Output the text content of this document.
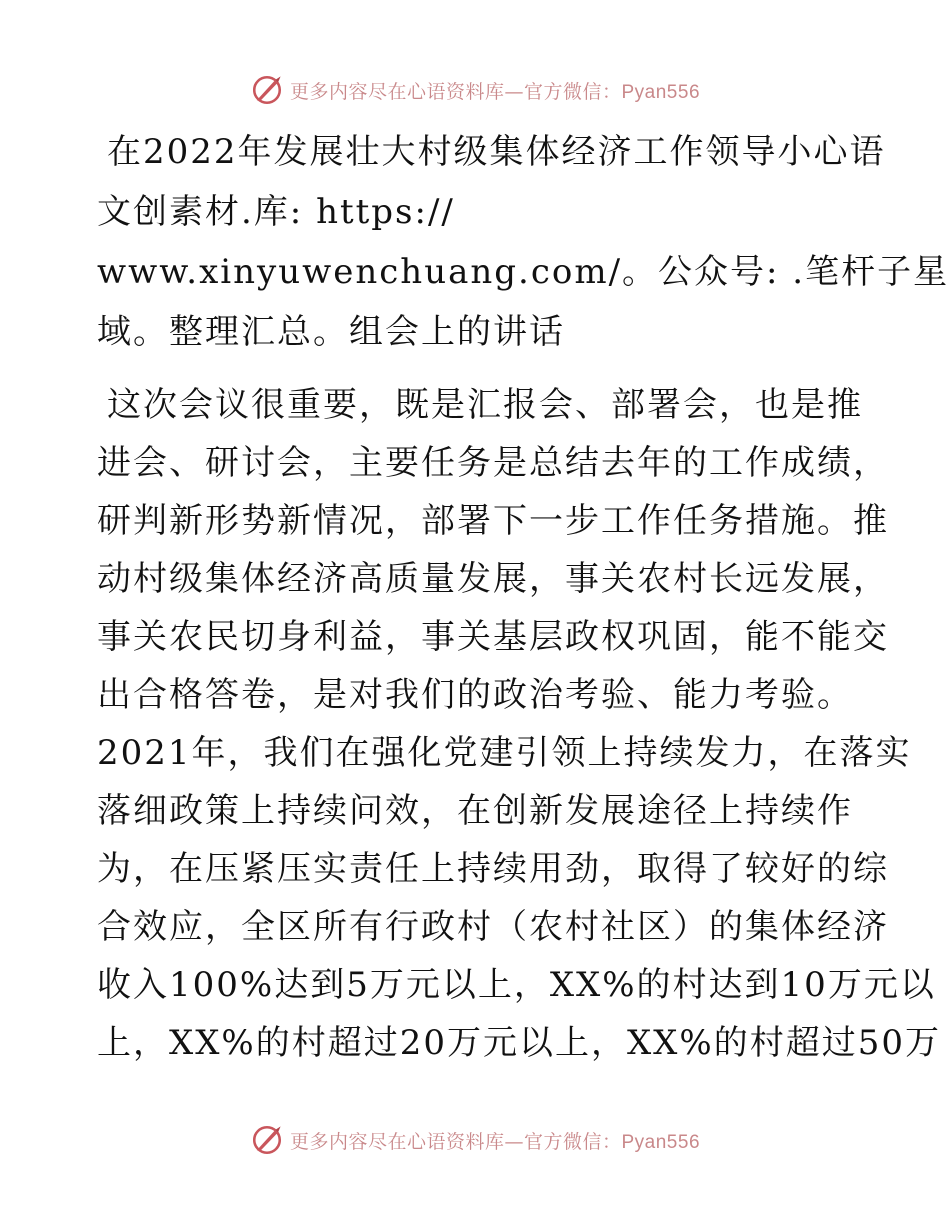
更多内容尽在心语资料库—官方微信：Pyan556
在2022年发展壮大村级集体经济工作领导小心语
文创素材.库: https://
www.xinyuwenchuang.com/。公众号: .笔杆子星
域。整理汇总。组会上的讲话
这次会议很重要，既是汇报会、部署会，也是推
进会、研讨会，主要任务是总结去年的工作成绩，
研判新形势新情况，部署下一步工作任务措施。推
动村级集体经济高质量发展，事关农村长远发展，
事关农民切身利益，事关基层政权巩固，能不能交
出合格答卷，是对我们的政治考验、能力考验。
2021年，我们在强化党建引领上持续发力，在落实
落细政策上持续问效，在创新发展途径上持续作
为，在压紧压实责任上持续用劲，取得了较好的综
合效应，全区所有行政村（农村社区）的集体经济
收入100%达到5万元以上，XX%的村达到10万元以
上，XX%的村超过20万元以上，XX%的村超过50万
更多内容尽在心语资料库—官方微信：Pyan556
